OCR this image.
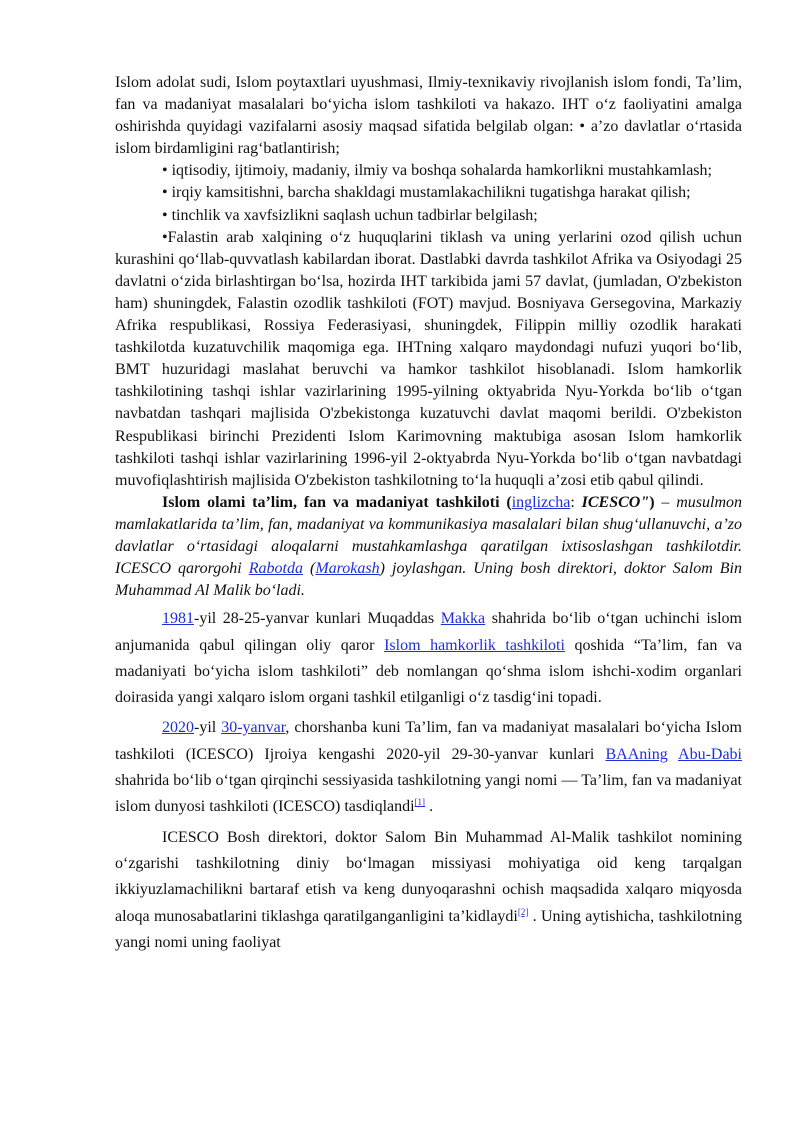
Islom adolat sudi, Islom poytaxtlari uyushmasi, Ilmiy-texnikaviy rivojlanish islom fondi, Ta’lim, fan va madaniyat masalalari bo‘yicha islom tashkiloti va hakazo. IHT o‘z faoliyatini amalga oshirishda quyidagi vazifalarni asosiy maqsad sifatida belgilab olgan: • a’zo davlatlar o‘rtasida islom birdamligini rag‘batlantirish;

• iqtisodiy, ijtimoiy, madaniy, ilmiy va boshqa sohalarda hamkorlikni mustahkamlash;

• irqiy kamsitishni, barcha shakldagi mustamlakachilikni tugatishga harakat qilish;

• tinchlik va xavfsizlikni saqlash uchun tadbirlar belgilash;

•Falastin arab xalqining o‘z huquqlarini tiklash va uning yerlarini ozod qilish uchun kurashini qo‘llab-quvvatlash kabilardan iborat. Dastlabki davrda tashkilot Afrika va Osiyodagi 25 davlatni o‘zida birlashtirgan bo‘lsa, hozirda IHT tarkibida jami 57 davlat, (jumladan, O'zbekiston ham) shuningdek, Falastin ozodlik tashkiloti (FOT) mavjud. Bosniyava Gersegovina, Markaziy Afrika respublikasi, Rossiya Federasiyasi, shuningdek, Filippin milliy ozodlik harakati tashkilotda kuzatuvchilik maqomiga ega. IHTning xalqaro maydondagi nufuzi yuqori bo‘lib, BMT huzuridagi maslahat beruvchi va hamkor tashkilot hisoblanadi. Islom hamkorlik tashkilotining tashqi ishlar vazirlarining 1995-yilning oktyabrida Nyu-Yorkda bo‘lib o‘tgan navbatdan tashqari majlisida O'zbekistonga kuzatuvchi davlat maqomi berildi. O'zbekiston Respublikasi birinchi Prezidenti Islom Karimovning maktubiga asosan Islom hamkorlik tashkiloti tashqi ishlar vazirlarining 1996-yil 2-oktyabrda Nyu-Yorkda bo‘lib o‘tgan navbatdagi muvofiqlashtirish majlisida O'zbekiston tashkilotning to‘la huquqli a’zosi etib qabul qilindi.

Islom olami ta’lim, fan va madaniyat tashkiloti (inglizcha: ICESCO") – musulmon mamlakatlarida ta’lim, fan, madaniyat va kommunikasiya masalalari bilan shug‘ullanuvchi, a’zo davlatlar o‘rtasidagi aloqalarni mustahkamlashga qaratilgan ixtisoslashgan tashkilotdir. ICESCO qarorgohi Rabotda (Marokash) joylashgan. Uning bosh direktori, doktor Salom Bin Muhammad Al Malik bo‘ladi.

1981-yil 28-25-yanvar kunlari Muqaddas Makka shahrida bo‘lib o‘tgan uchinchi islom anjumanida qabul qilingan oliy qaror Islom hamkorlik tashkiloti qoshida “Ta’lim, fan va madaniyati bo‘yicha islom tashkiloti” deb nomlangan qo‘shma islom ishchi-xodim organlari doirasida yangi xalqaro islom organi tashkil etilganligi o‘z tasdig‘ini topadi.

2020-yil 30-yanvar, chorshanba kuni Ta’lim, fan va madaniyat masalalari bo‘yicha Islom tashkiloti (ICESCO) Ijroiya kengashi 2020-yil 29-30-yanvar kunlari BAAning Abu-Dabi shahrida bo‘lib o‘tgan qirqinchi sessiyasida tashkilotning yangi nomi — Ta’lim, fan va madaniyat islom dunyosi tashkiloti (ICESCO) tasdiqlandi[1] .

ICESCO Bosh direktori, doktor Salom Bin Muhammad Al-Malik tashkilot nomining o‘zgarishi tashkilotning diniy bo‘lmagan missiyasi mohiyatiga oid keng tarqalgan ikkiyuzlamachilikni bartaraf etish va keng dunyoqarashni ochish maqsadida xalqaro miqyosda aloqa munosabatlarini tiklashga qaratilganganligini ta’kidlaydi[2] . Uning aytishicha, tashkilotning yangi nomi uning faoliyat
